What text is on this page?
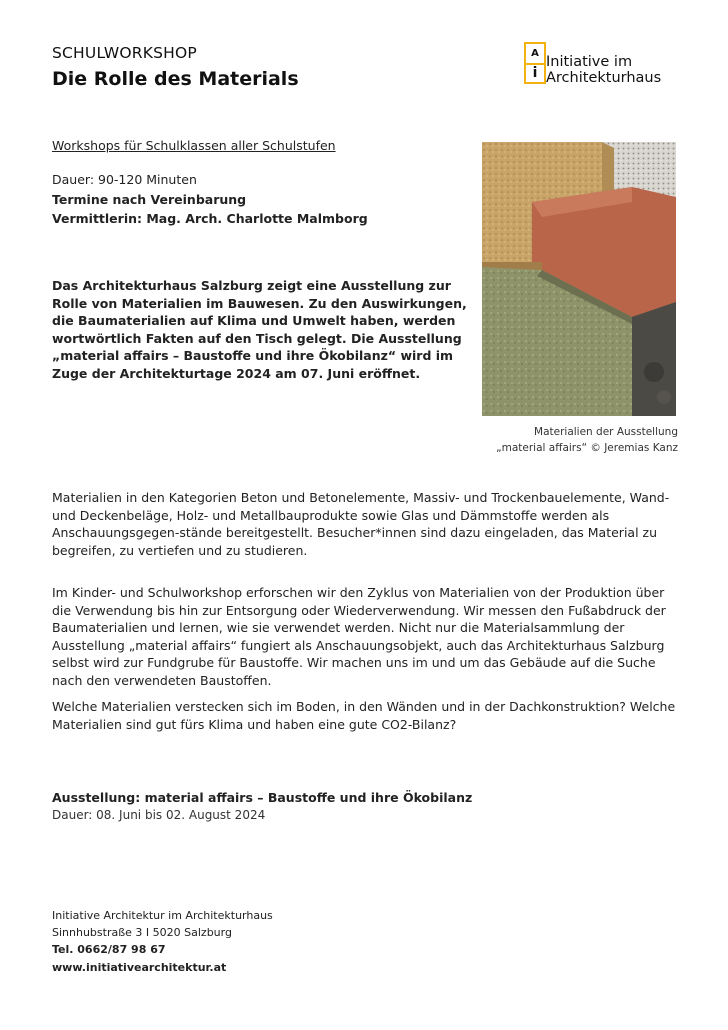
SCHULWORKSHOP
Die Rolle des Materials
A
i
Initiative im
Architekturhaus
Workshops für Schulklassen aller Schulstufen
Dauer: 90-120 Minuten
Termine nach Vereinbarung
Vermittlerin: Mag. Arch. Charlotte Malmborg
Das Architekturhaus Salzburg zeigt eine Ausstellung zur Rolle von Materialien im Bauwesen. Zu den Auswirkungen, die Baumaterialien auf Klima und Umwelt haben, werden wortwörtlich Fakten auf den Tisch gelegt. Die Ausstellung „material affairs – Baustoffe und ihre Ökobilanz“ wird im Zuge der Architekturtage 2024 am 07. Juni eröffnet.
Materialien der Ausstellung
„material affairs“ © Jeremias Kanz
Materialien in den Kategorien Beton und Betonelemente, Massiv- und Trockenbauelemente, Wand- und Deckenbeläge, Holz- und Metallbauprodukte sowie Glas und Dämmstoffe werden als Anschauungsgegen-stände bereitgestellt. Besucher*innen sind dazu eingeladen, das Material zu begreifen, zu vertiefen und zu studieren.
Im Kinder- und Schulworkshop erforschen wir den Zyklus von Materialien von der Produktion über die Verwendung bis hin zur Entsorgung oder Wiederverwendung. Wir messen den Fußabdruck der Baumaterialien und lernen, wie sie verwendet werden. Nicht nur die Materialsammlung der Ausstellung „material affairs“ fungiert als Anschauungsobjekt, auch das Architekturhaus Salzburg selbst wird zur Fundgrube für Baustoffe. Wir machen uns im und um das Gebäude auf die Suche nach den verwendeten Baustoffen.
Welche Materialien verstecken sich im Boden, in den Wänden und in der Dachkonstruktion? Welche Materialien sind gut fürs Klima und haben eine gute CO2-Bilanz?
Ausstellung: material affairs – Baustoffe und ihre Ökobilanz
Dauer: 08. Juni bis 02. August 2024
Initiative Architektur im Architekturhaus
Sinnhubstraße 3 I 5020 Salzburg
Tel. 0662/87 98 67
www.initiativearchitektur.at
